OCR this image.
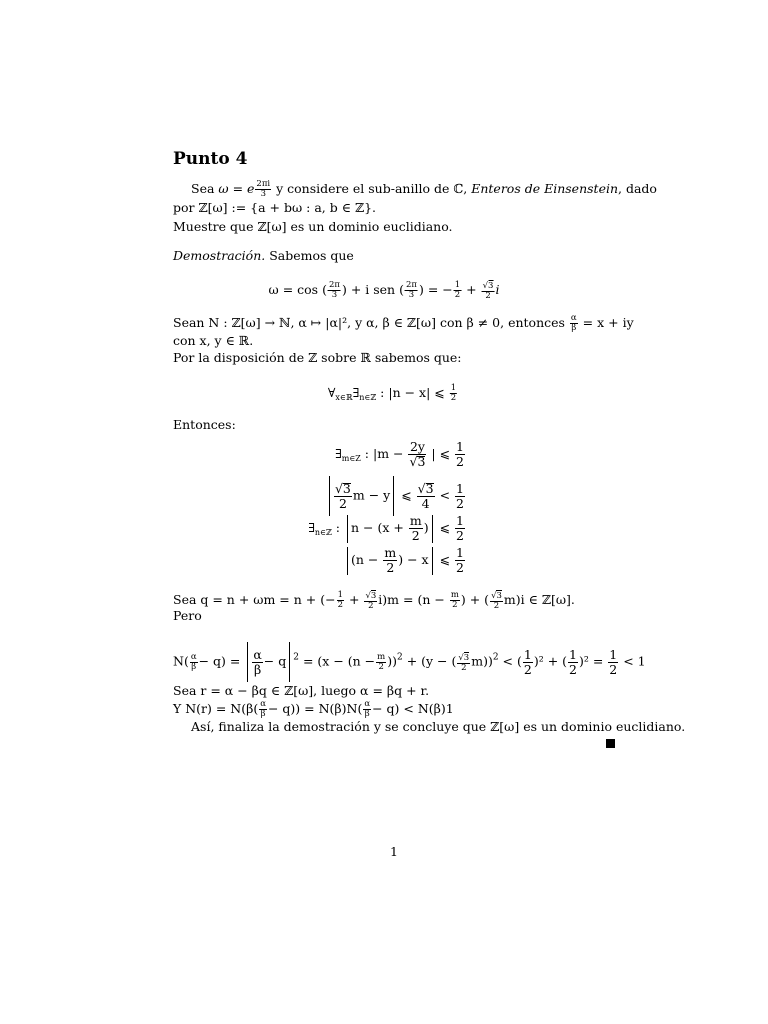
Punto 4
Sea ω = e $\frac{2\pi i}{3}$ y considere el sub-anillo de ℂ, Enteros de Einsenstein, dado
por ℤ[ω] := {a + bω : a, b ∈ ℤ}.
Muestre que ℤ[ω] es un dominio euclidiano.
Demostración. Sabemos que
ω = cos ( $\frac{2\pi}{3}$ ) + i sen ( $\frac{2\pi}{3}$ ) = − $\frac{1}{2} + \frac{√3}{2}$ i
Sean N : ℤ[ω] → ℕ, α ↦ |α|², y α, β ∈ ℤ[ω] con β ≠ 0, entonces $\frac{\alpha}{\beta} = x$ + iy
con x, y ∈ ℝ.
Por la disposición de ℤ sobre ℝ sabemos que:
$\forall_{x\in ℝ}\exists_{n\in ℤ}$ : |n − x| ⩽ $\frac{1}{2}$
Entonces:
$\exists_{m\in Z}$ : $|m - \frac{2y}{√3}$ | ⩽ $\frac{1}{2}$
$\frac{√3}{2}$ m − y ⩽ $\frac{√3}{4} < \frac{1}{2}$
$\exists_{n\in ℤ}$ : $n - (x + \frac{m}{2}$ ) ⩽ $\frac{1}{2}$
($n - \frac{m}{2}$ ) − x ⩽ $\frac{1}{2}$
Sea q = n + ωm = n + (− $\frac{1}{2} + \frac{√3}{2} i)m = (n - \frac{m}{2}$ ) + ( $\frac{√3}{2} m)i$ ∈ ℤ[ω].
Pero
$N( \frac{\alpha}{\beta} - q) = \frac{\alpha}{\beta} - q$ $^2 = (x - (n - \frac{m}{2} ))^2 + (y$ − ( $\frac{√3}{2} m))^2$ < ( $\frac{1}{2} )^2$ + ( $\frac{1}{2} )^2 = \frac{1}{2} < 1$
Sea r = α − βq ∈ ℤ[ω], luego α = βq + r.
Y $N(r) = N(\beta( \frac{\alpha}{\beta} - q)) = N(\beta)N( \frac{\alpha}{\beta} - q) < N(\beta)1$
Así, finaliza la demostración y se concluye que ℤ[ω] es un dominio euclidiano.
1
